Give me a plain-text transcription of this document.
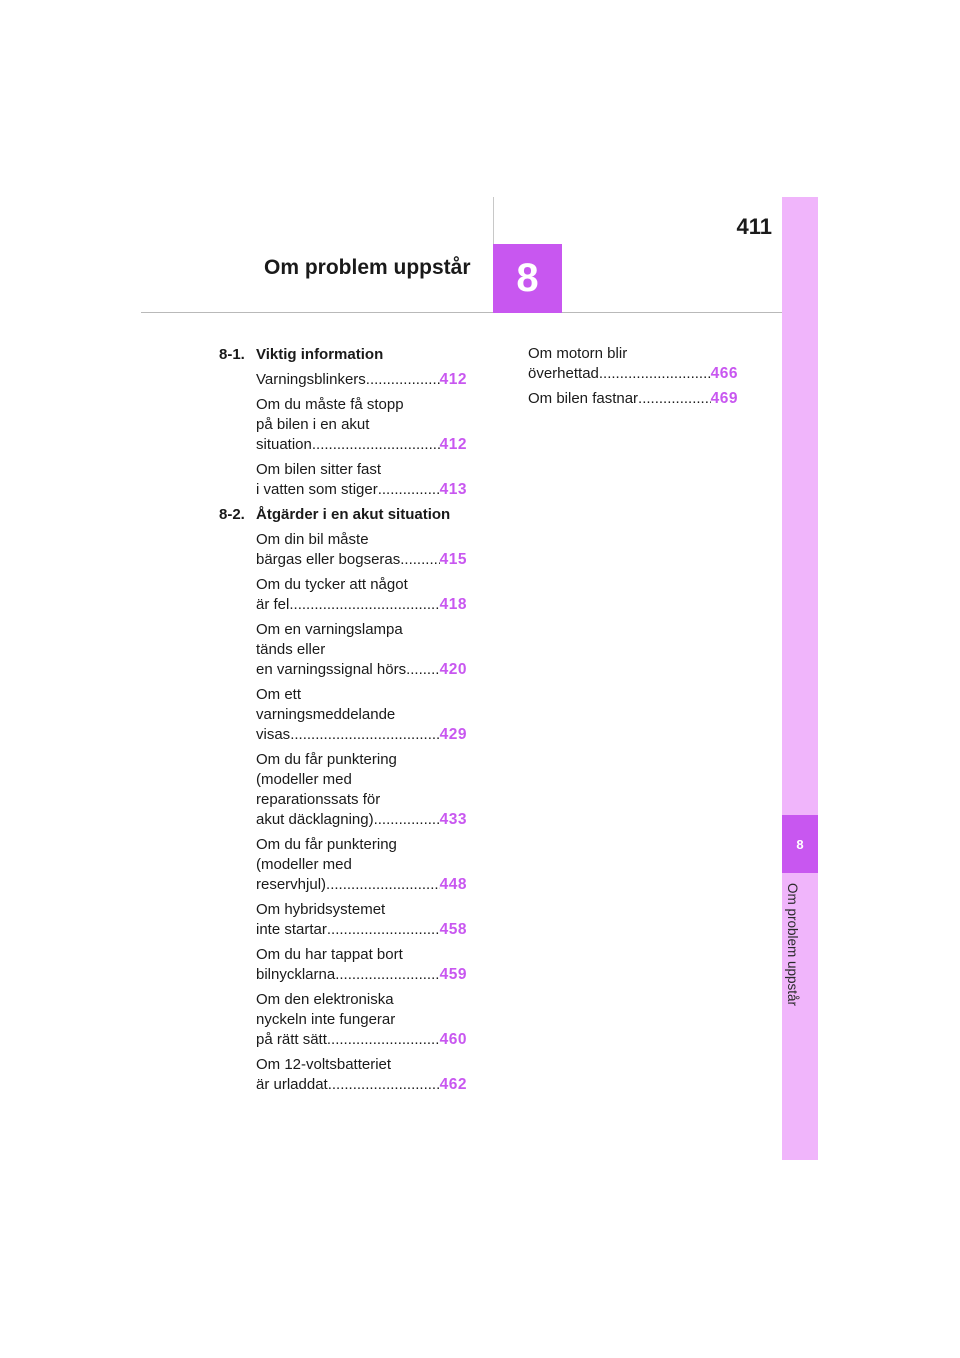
411
Om problem uppstår	8
8
Om problem uppstår
8-1. Viktig information
Varningsblinkers .....	412
Om du måste få stopp
på bilen i en akut
situation .....	412
Om bilen sitter fast
i vatten som stiger .....	413
8-2. Åtgärder i en akut situation
Om din bil måste
bärgas eller bogseras .....	415
Om du tycker att något
är fel .....	418
Om en varningslampa
tänds eller
en varningssignal hörs ..... 420
Om ett
varningsmeddelande
visas .....	429
Om du får punktering
(modeller med
reparationssats för
akut däcklagning) .....	433
Om du får punktering
(modeller med
reservhjul) .....	448
Om hybridsystemet
inte startar .....	458
Om du har tappat bort
bilnycklarna .....	459
Om den elektroniska
nyckeln inte fungerar
på rätt sätt .....	460
Om 12-voltsbatteriet
är urladdat .....	462
Om motorn blir
överhettad .....	466
Om bilen fastnar .....	469
